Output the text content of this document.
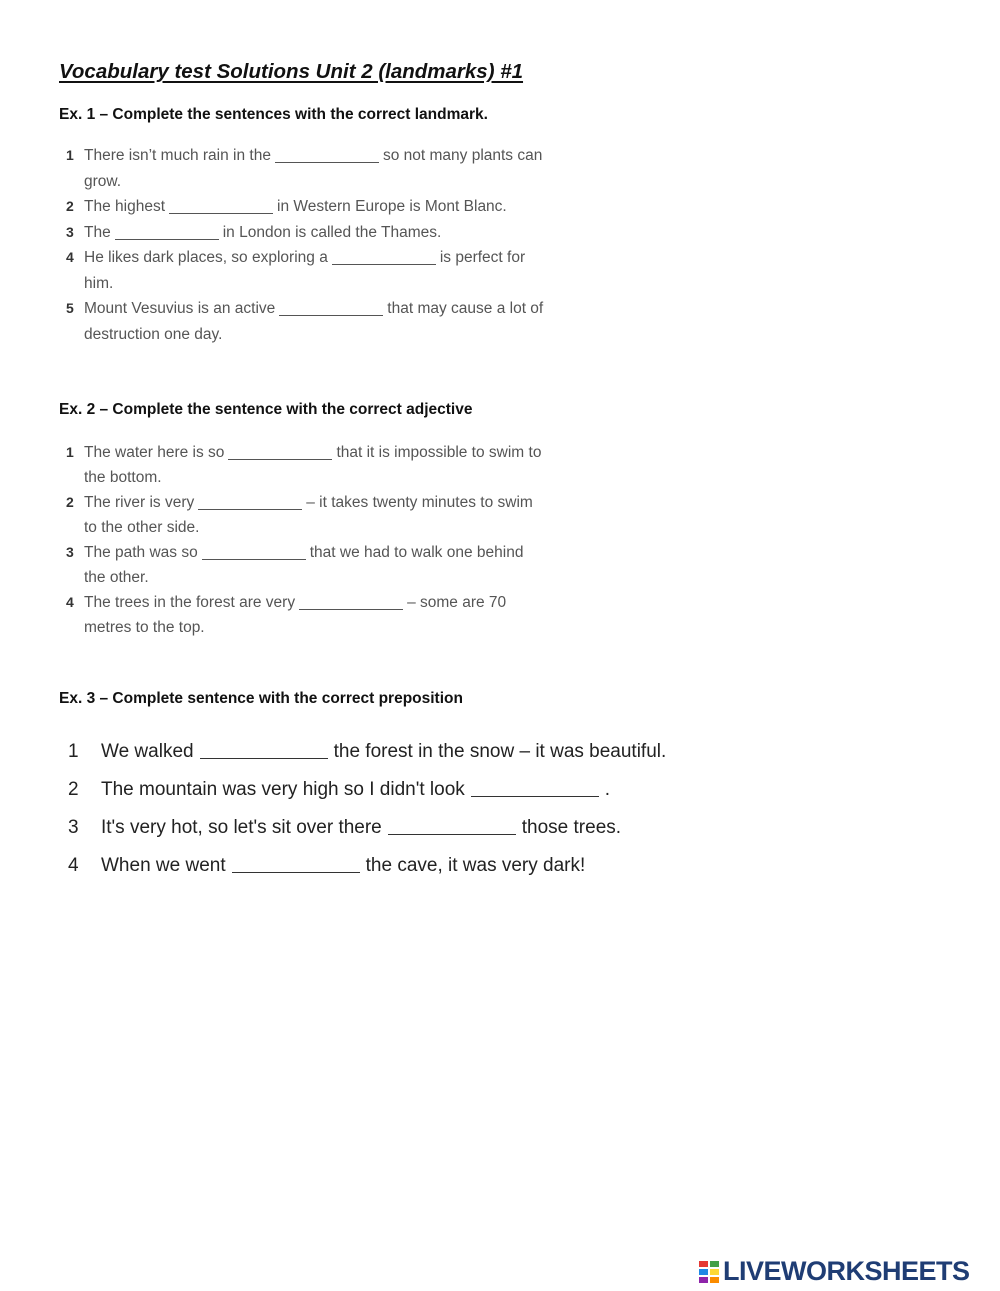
Vocabulary test Solutions Unit 2 (landmarks) #1
Ex. 1 – Complete the sentences with the correct landmark.
1 There isn’t much rain in the	so not many plants can grow.
2 The highest	in Western Europe is Mont Blanc.
3 The	in London is called the Thames.
4 He likes dark places, so exploring a	is perfect for him.
5 Mount Vesuvius is an active	that may cause a lot of destruction one day.
Ex. 2 – Complete the sentence with the correct adjective
1 The water here is so	that it is impossible to swim to the bottom.
2 The river is very	– it takes twenty minutes to swim to the other side.
3 The path was so	that we had to walk one behind the other.
4 The trees in the forest are very	– some are 70 metres to the top.
Ex. 3 – Complete sentence with the correct preposition
1 We walked	the forest in the snow – it was beautiful.
2 The mountain was very high so I didn't look	.
3 It's very hot, so let's sit over there	those trees.
4 When we went	the cave, it was very dark!
LIVEWORKSHEETS
